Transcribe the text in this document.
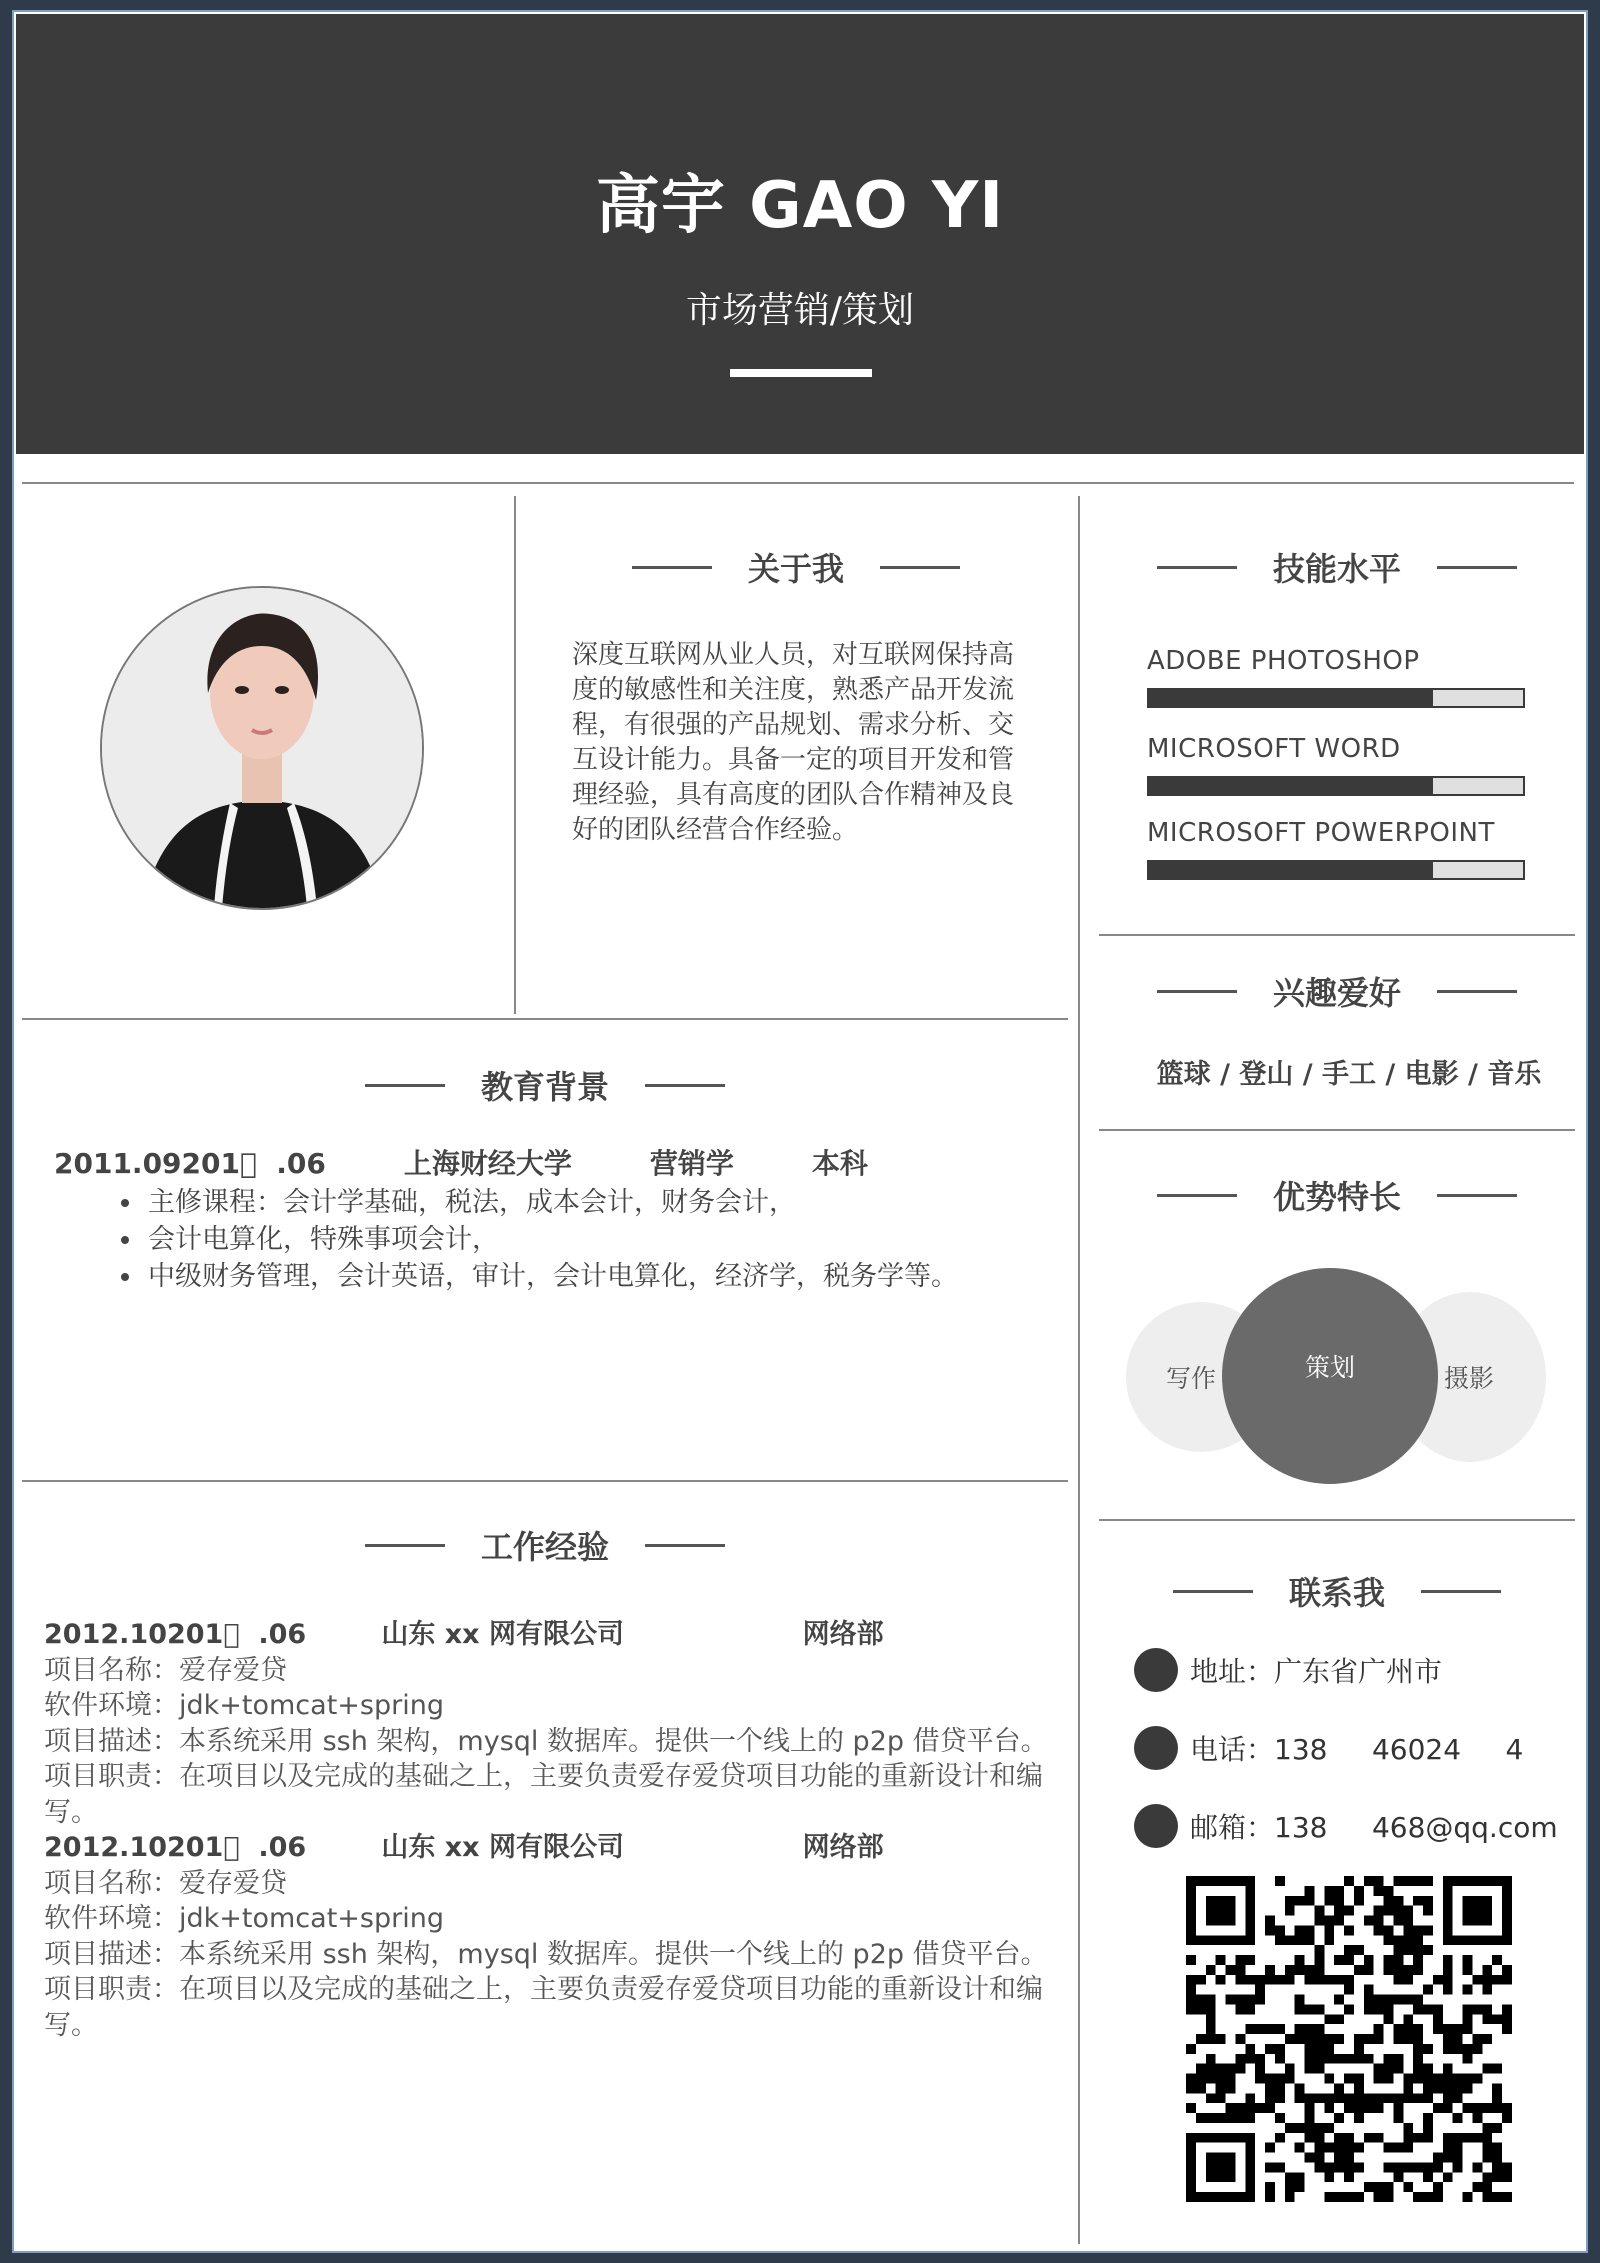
高宇 GAO YI
市场营销/策划
关于我
深度互联网从业人员，对互联网保持高度的敏感性和关注度，熟悉产品开发流程，有很强的产品规划、需求分析、交互设计能力。具备一定的项目开发和管理经验，具有高度的团队合作精神及良好的团队经营合作经验。
技能水平
ADOBE PHOTOSHOP
MICROSOFT WORD
MICROSOFT POWERPOINT
兴趣爱好
篮球 / 登山 / 手工 / 电影 / 音乐
优势特长
写作	摄影
策划
教育背景
2011.09201   .06        上海财经大学        营销学        本科
• 主修课程：会计学基础，税法，成本会计，财务会计，
• 会计电算化，特殊事项会计，
• 中级财务管理，会计英语，审计，会计电算化，经济学，税务学等。
工作经验
2012.10201   .06        山东 xx 网有限公司                   网络部
项目名称：爱存爱贷
软件环境：jdk+tomcat+spring
项目描述：本系统采用 ssh 架构，mysql 数据库。提供一个线上的 p2p 借贷平台。
项目职责：在项目以及完成的基础之上，主要负责爱存爱贷项目功能的重新设计和编写。
2012.10201   .06        山东 xx 网有限公司                   网络部
项目名称：爱存爱贷
软件环境：jdk+tomcat+spring
项目描述：本系统采用 ssh 架构，mysql 数据库。提供一个线上的 p2p 借贷平台。
项目职责：在项目以及完成的基础之上，主要负责爱存爱贷项目功能的重新设计和编写。
联系我

地址：广东省广州市

电话：138     46024     4

邮箱：138     468@qq.com
